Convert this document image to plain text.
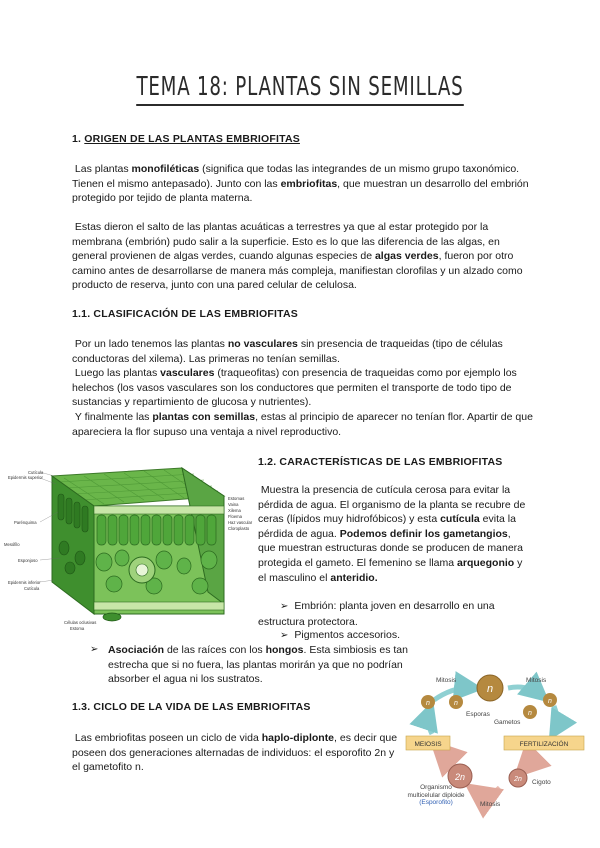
TEMA 18: PLANTAS SIN SEMILLAS
1. ORIGEN DE LAS PLANTAS EMBRIOFITAS
Las plantas monofiléticas (significa que todas las integrandes de un mismo grupo taxonómico. Tienen el mismo antepasado). Junto con las embriofitas, que muestran un desarrollo del embrión protegido por tejido de planta materna.
Estas dieron el salto de las plantas acuáticas a terrestres ya que al estar protegido por la membrana (embrión) pudo salir a la superficie. Esto es lo que las diferencia de las algas, en general provienen de algas verdes, cuando algunas especies de algas verdes, fueron por otro camino antes de desarrollarse de manera más compleja, manifiestan clorofilas y un alzado como producto de reserva, junto con una pared celular de celulosa.
1.1. CLASIFICACIÓN DE LAS EMBRIOFITAS
Por un lado tenemos las plantas no vasculares sin presencia de traqueidas (tipo de células conductoras del xilema). Las primeras no tenían semillas.
Luego las plantas vasculares (traqueofitas) con presencia de traqueidas como por ejemplo los helechos (los vasos vasculares son los conductores que permiten el transporte de todo tipo de sustancias y repartimiento de glucosa y nutrientes).
Y finalmente las plantas con semillas, estas al principio de aparecer no tenían flor. Apartir de que apareciera la flor supuso una ventaja a nivel reproductivo.
Cutícula
Epidermis superior
Parénquima
Mesófilo
Esponjoso
Epidermis inferior
Cutícula
Estomas
Vaina
Xilema
Floema
Haz vascular
Cloroplasto
Células oclusivas
Estoma
1.2. CARACTERÍSTICAS DE LAS EMBRIOFITAS
Muestra la presencia de cutícula cerosa para evitar la pérdida de agua. El organismo de la planta se recubre de ceras (lípidos muy hidrofóbicos) y esta cutícula evita la pérdida de agua. Podemos definir los gametangios, que muestran estructuras donde se producen de manera protegida el gameto. El femenino se llama arquegonio y el masculino el anteridio.
➢ Embrión: planta joven en desarrollo en una estructura protectora.
➢ Pigmentos accesorios.
➢ Asociación de las raíces con los hongos. Esta simbiosis es tan estrecha que si no fuera, las plantas morirán ya que no podrían absorber el agua ni los sustratos.
1.3. CICLO DE LA VIDA DE LAS EMBRIOFITAS
Las embriofitas poseen un ciclo de vida haplo-diplonte, es decir que poseen dos generaciones alternadas de individuos: el esporofito 2n y el gametofito n.
n
n	n	n
n
2n	2n
Mitosis	Mitosis
Esporas
Gametos
MEIOSIS	FERTILIZACIÓN
Cigoto
Mitosis
Organismo multicelular diploide
(Esporofito)
